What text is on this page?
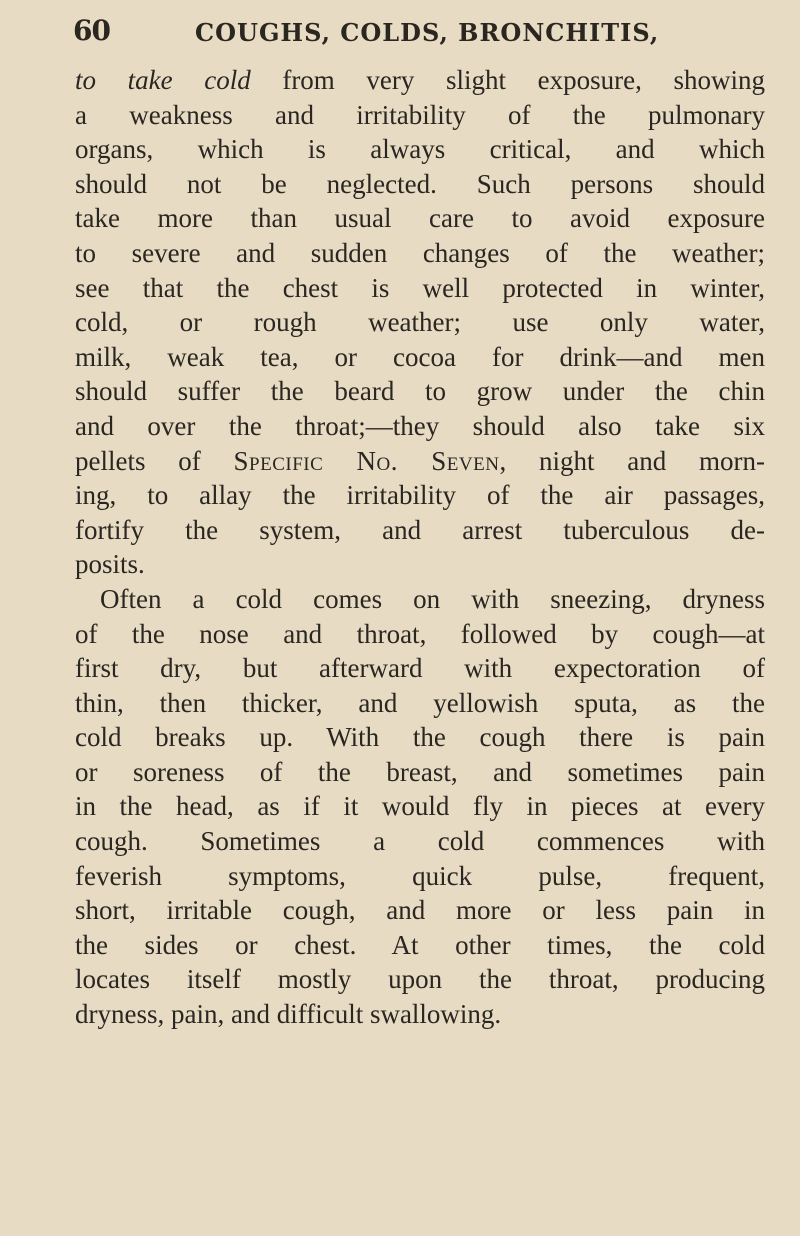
60	COUGHS, COLDS, BRONCHITIS,
to take cold from very slight exposure, showing
a weakness and irritability of the pulmonary
organs, which is always critical, and which
should not be neglected. Such persons should
take more than usual care to avoid exposure
to severe and sudden changes of the weather;
see that the chest is well protected in winter,
cold, or rough weather; use only water,
milk, weak tea, or cocoa for drink—and men
should suffer the beard to grow under the chin
and over the throat;—they should also take six
pellets of Specific No. Seven, night and morn-
ing, to allay the irritability of the air passages,
fortify the system, and arrest tuberculous de-
posits.
Often a cold comes on with sneezing, dryness
of the nose and throat, followed by cough—at
first dry, but afterward with expectoration of
thin, then thicker, and yellowish sputa, as the
cold breaks up. With the cough there is pain
or soreness of the breast, and sometimes pain
in the head, as if it would fly in pieces at every
cough. Sometimes a cold commences with
feverish symptoms, quick pulse, frequent,
short, irritable cough, and more or less pain in
the sides or chest. At other times, the cold
locates itself mostly upon the throat, producing
dryness, pain, and difficult swallowing.
